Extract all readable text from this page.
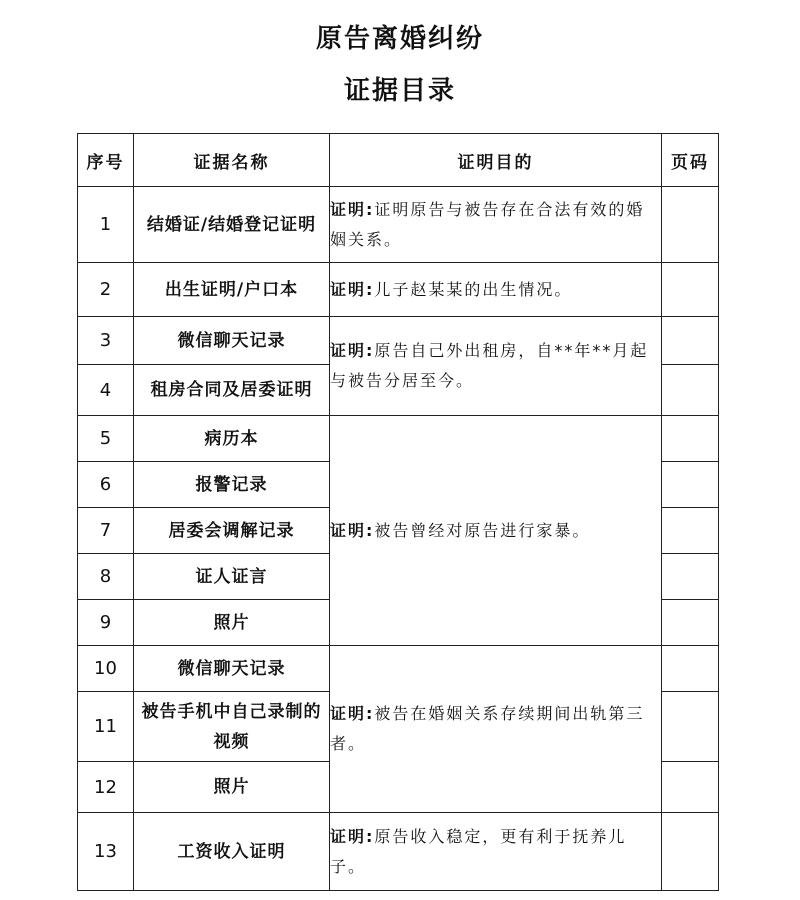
原告离婚纠纷
证据目录
序号	证据名称	证明目的	页码
1	结婚证/结婚登记证明	证明:证明原告与被告存在合法有效的婚姻关系。	
2	出生证明/户口本	证明:儿子赵某某的出生情况。	
3	微信聊天记录	证明:原告自己外出租房，自**年**月起与被告分居至今。	
4	租房合同及居委证明		
5	病历本	证明:被告曾经对原告进行家暴。	
6	报警记录		
7	居委会调解记录		
8	证人证言		
9	照片		
10	微信聊天记录	证明:被告在婚姻关系存续期间出轨第三者。	
11	被告手机中自己录制的视频		
12	照片		
13	工资收入证明	证明:原告收入稳定，更有利于抚养儿子。	
